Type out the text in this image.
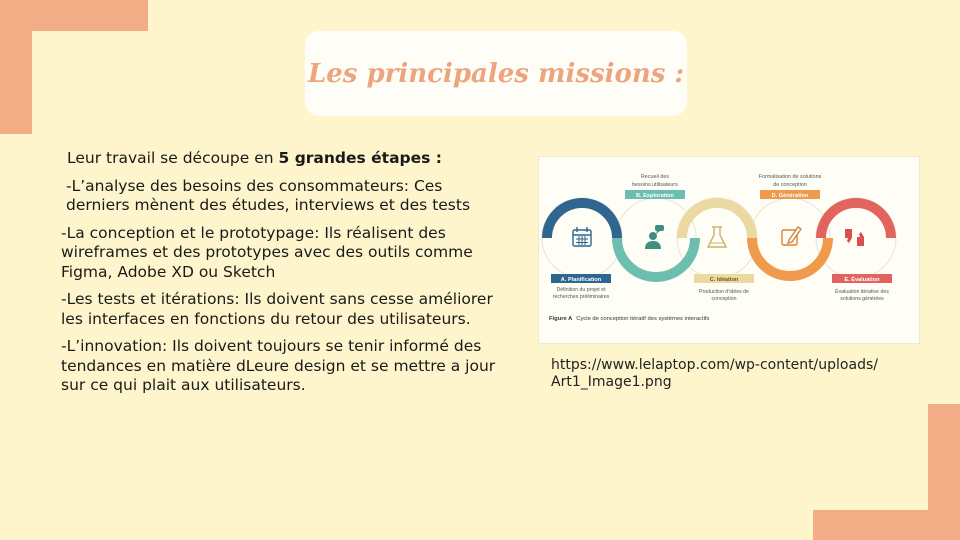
Les principales missions :

Leur travail se découpe en 5 grandes étapes :

-L’analyse des besoins des consommateurs: Ces derniers mènent des études, interviews et des tests

-La conception et le prototypage: Ils réalisent des wireframes et des prototypes avec des outils comme Figma, Adobe XD ou Sketch

-Les tests et itérations: Ils doivent sans cesse améliorer les interfaces en fonctions du retour des utilisateurs.

-L’innovation: Ils doivent toujours se tenir informé des tendances en matière dLeure design et se mettre a jour sur ce qui plait aux utilisateurs.

Recueil des
besoins utilisateurs
Formalisation de solutions
de conception
B. Exploration	D. Génération
A. Planification	C. Idéation	E. Évaluation
Définition du projet et
recherches préliminaires
Production d’idées de
conception
Évaluation itérative des
solutions générées
Figure A Cycle de conception itératif des systèmes interactifs
https://www.lelaptop.com/wp-content/uploads/
Art1_Image1.png
